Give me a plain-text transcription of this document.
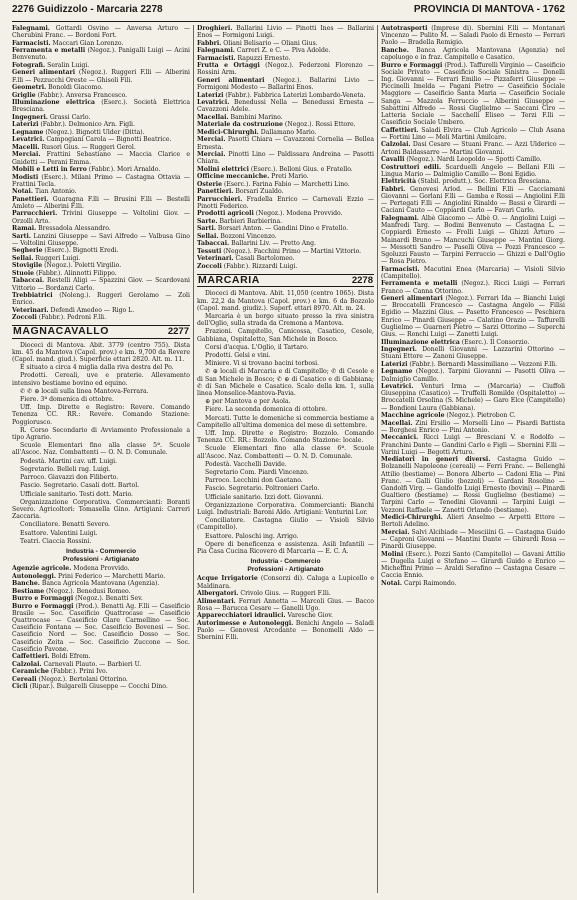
2276 Guidizzolo - Marcaria 2278	PROVINCIA DI MANTOVA - 1762
Falegnami. Gottardi Osvino — Anversa Arturo — Cherubini Franc. — Bordoni Fort.
Farmacisti. Maccari Gian Lorenzo.
Ferramenta e metalli (Negoz.). Panigalli Luigi — Acini Benvenuto.
Fotografi. Seralin Luigi.
Generi alimentari (Negoz.). Ruggeri F.lli — Alberini F.lli — Pezzucchi Oreste — Ghisoli Fili.
Geometri. Bonoldi Giacomo.
Griglie (Fabbr.). Anversa Francesco.
Illuminazione elettrica (Eserc.). Società Elettrica Bresciana.
Ingegneri. Grassi Carlo.
Laterizi (Fabbr.). Delmonico Arn. Figli.
Legname (Negoz.). Bignotti Ulder (Ditta).
Levatrici. Campogiani Carola — Bignotti Beatrice.
Macelli. Rusori Gius. — Ruggeri Gerol.
Merciai. Frattini Sebastiano — Maccia Clarice e Gnidetti — Perani Emma.
Mobili e Letti in ferro (Fabbr.). Mori Arnaldo.
Modisti (Eserc.). Milani Primo — Castagna Ottavia — Frattini Tecla.
Notai. Tian Antonio.
Panettieri. Guaragna F.lli — Brusini F.lli — Bestelli Amleto — Alberini F.lli.
Parrucchieri. Trivini Giuseppe — Voltolini Giov. — Orzolli Arto.
Ramai. Bressadola Alessandro.
Sarti. Lanzini Giuseppe — Savi Alfredo — Valbusa Gino — Voltolini Giuseppe.
Segherie (Eserc.). Bignotti Eredi.
Sellai. Ruggeri Luigi.
Stovigile (Negoz.). Poletti Virgilio.
Stuoie (Fabbr.). Alinnotti Filippo.
Tabaccai. Restelli Aligi — Spazzini Giov. — Scardovani Vittorio — Bordanzi Carlo.
Trebbiatrici (Noleng.). Ruggeri Gerolamo — Zoli Enrico.
Veterinari. Defendi Amedeo — Rigo L.
Zoccoli (Fabbr.). Pedroni F.lli.
MAGNACAVALLO	2277
Dioceci di Mantova. Abit. 3779 (centro 755). Dista km. 45 da Mantova (Capol. prov.) e km. 9,700 da Revere (Capol. mand. giud.). Superficie ettari 2820. Alt. m. 11.
È situato a circa 4 miglia dalla riva destra del Po.
Prodotti. Cereali, uve e praterie. Allevamento intensivo bestiame bovino ed equino.
✆ ✆ ⊕ locali sulla linea Mantova-Ferrara.
Fiere. 3ª domenica di ottobre.
Uff. Imp. Dirette e Registro: Revere. Comando Tenenza CC. RR.: Revere. Comando Stazione: Poggiorusco.
R. Corso Secondario di Avviamento Professionale a tipo Agrario.
Scuole Elementari fino alla classe 5ª. Scuole all'Ascoc. Naz. Combattenti — O. N. D. Comunale.
Podestà. Martini cav. uff. Luigi.
Segretario. Belleli rag. Luigi.
Parroco. Giavazzi don Filiberto.
Fascio. Segretario. Casali dott. Bartol.
Ufficiale sanitario. Testi dott. Mario.
Organizzazione Corporativa. Commercianti: Boranti Severo. Agricoltori: Tomasella Gino. Artigiani: Carreri Zaccaria.
Conciliatore. Benatti Severo.
Esattore. Valentini Luigi.
Teatri. Ciaccia Rossini.
Industria - Commercio
Professioni - Artigianato
Agenzie agricole. Modena Provvido.
Autonoleggi. Prini Federico — Marchetti Mario.
Banche. Banca Agricola Mantovana (Agenzia).
Bestiame (Negoz.). Benedusi Romeo.
Burro e Formaggi (Negoz.). Benatti Sev.
Burro e Formaggi (Prod.). Benatti Ag. F.lli — Caseificio Brasile — Soc. Caseificio Quattrocase — Caseificio Quattrocase — Caseificio Glare Carmellino — Soc. Caseificio Fontana — Soc. Caseificio Bovenesi — Soc. Caseificio Nord — Soc. Caseificio Dosso — Soc. Caseificio Zeita — Soc. Caseificio Zuccone — Soc. Caseificio Pavone.
Caffettieri. Boldi Efrem.
Calzolai. Carnevali Plauto. — Barbieri U.
Ceramiche (Fabbr.). Prini Ivo.
Cereali (Negoz.). Bertolani Ottorino.
Cicli (Ripar.). Bulgarelli Giuseppe — Cocchi Dino.
Droghieri. Ballarini Livio — Pinotti Ines — Ballarini Enos — Formigoni Luigi.
Fabbri. Oliani Belisario — Oliani Gius.
Falegnami. Carreri Z. e C. — Piva Adolde.
Farmacisti. Rapuzzi Ernesto.
Frutta e Ortaggi (Negoz.). Federzoni Florenzo — Rossini Arm.
Generi alimentari (Negoz.). Ballarini Livio — Formigoni Modesto — Ballarini Enos.
Laterizi (Fabbr.). Fabbrica Laterizi Lombardo-Veneta.
Levatrici. Benedussi Nella — Benedussi Ernesta — Cavazzoni Adele.
Macellai. Bambini Marino.
Materiale da costruzione (Negoz.). Rossi Ettore.
Medici-Chirurghi. Dallamano Mario.
Merciai. Pasotti Chiara — Cavazzoni Cornelia — Bellea Ernesta.
Merciai. Pinotti Lino — Paldissara Andreina — Pasotti Chiara.
Molini elettrici (Eserc.). Belloni Gius. e Fratello.
Officine meccaniche. Preti Mario.
Osterie (Eserc.). Farina Fabio — Marchetti Lino.
Panettieri. Borsari Zualdo.
Parrucchieri. Fradella Enrico — Carnevali Ezzio — Pinotti Federico.
Prodotti agricoli (Negoz.). Modena Provvido.
Sarte. Barbieri Barbierina.
Sarti. Borsari Anton. — Gandini Dino e Fratello.
Sellai. Bozzoni Vincenzo.
Tabaccai. Ballarini Liv. — Pretto Ang.
Tessuti (Negoz.). Facchini Primo — Martini Vittorio.
Veterinari. Casali Bartolomeo.
Zoccoli (Fabbr.). Rizzardi Luigi.
MARCARIA	2278
Dioceci di Mantova. Abit. 11,050 (centro 1065). Dista km. 22,2 da Mantova (Capol. prov.) e km. 6 da Bozzolo (Capol. mand. giudiz.). Superf. ettari 8970. Alt. m. 24.
Marcaria è un borgo situato presso la riva sinistra dell'Oglio, sulla strada da Cremona a Mantova.
Frazioni. Campitello, Canicossa, Casatico, Cesole, Gabbiana, Ospitaletto, San Michele in Bosco.
Corsi d'acqua. L'Oglio, il Tartaro.
Prodotti. Gelsi e vini.
Miniere. Vi si trovano bacini torbosi.
✆ ⊕ locali di Marcaria e di Campitello; ✆ di Cesole e di San Michele in Bosco; ✆ ⊕ di Casatico e di Gabbiana; ✆ di San Michele e Casatico. Scalo della km. 1, sulla linea Monselice-Mantova-Pavia.
⊕ per Mantova e per Asola.
Fiere. La seconda domenica di ottobre.
Mercati. Tutte le domeniche si commercia bestiame a Campitello all'ultima domenica del mese di settembre.
Uff. Imp. Dirette e Registro: Bozzolo. Comando Tenenza CC. RR.: Bozzolo. Comando Stazione: locale.
Scuole Elementari fino alla classe 6ª. Scuole all'Ascoc. Naz. Combattenti — O. N. D. Comunale.
Podestà. Vacchelli Davide.
Segretario Com. Piardi Vincenzo.
Parroco. Lecchini don Gaetano.
Fascio. Segretario. Poltronieri Carlo.
Ufficiale sanitario. Izzi dott. Giovanni.
Organizzazione Corporativa. Commercianti: Bianchi Luigi. Industriali: Baroni Aldo. Artigiani: Venturini Lor.
Conciliatore. Castagna Giulio — Visioli Silvio (Campitello).
Esattore. Paloschi ing. Arrigo.
Opere di beneficenza e assistenza. Asili Infantili — Pia Casa Cucina Ricovero di Marcaria — E. C. A.
Industria - Commercio
Professioni - Artigianato
Acque Irrigatorie (Consorzi di). Caluga a Lupicello e Maldinara.
Albergatori. Crivolo Gius. — Ruggeri F.lli.
Alimentari. Ferrari Annetta — Marcoli Gius. — Bacco Rosa — Barucca Cesare — Ganelli Ugo.
Apparecchiatori idraulici. Varesche Giov.
Autorimesse e Autonoleggi. Benichi Angelo — Saladi Paolo — Genovesi Arcodante — Bonomelli Aldo — Sbernini F.lli.
Autotrasporti (Imprese di). Sbernini F.lli — Montanari Vincenzo — Pulito M. — Saladi Paolo di Ernesto — Ferrari Paolo — Bradella Remigio.
Banche. Banca Agricola Mantovana (Agenzia) nel capoluogo e in fraz. Campitello e Casatico.
Burro e Formaggi (Prod.). Taffurelli Virginio — Caseificio Sociale Privato — Caseificio Sociale Sinistra — Donelli Ing. Giovanni — Ferrari Emilio — Pizzaferri Giuseppe — Piccinelli Imelda — Pagani Pietro — Caseificio Sociale Maggiore — Caseificio Santa Maria — Caseificio Sociale Sanga — Mazzola Ferruccio — Alberini Giuseppe — Sabattini Alfredo — Rossi Guglielmo — Saccani Ciro — Latteria Sociale — Sacchelli Eliseo — Terzi F.lli — Caseificio Sociale Umbero.
Caffettieri. Saladi Elvira — Club Agricolo — Club Asana — Fortini Lino — Meli Martini Amilcare.
Calzolai. Dasi Cesare — Stuani Franc. — Azzi Ulderico — Artoni Baldassarre — Martini Giovanni.
Cavalli (Negoz.). Nardi Leopoldo — Spotti Camillo.
Costruttori edili. Scarduelli Angelo — Bellani F.lli — Lingua Mario — Dalmiglio Camillo — Boni Egidio.
Elettricità (Stabil. produtt.). Soc. Elettrica Bresciana.
Fabbri. Genovesi Arlod. — Bellini F.lli — Cacciamani Giovanni — Gorlani F.lli — Gamba e Rossi — Angiolini F.lli — Pertegati F.lli — Angiolini Rinaldo — Bassi e Girardi — Caciani Cauto — Coppiardi Carlo — Favari Carlo.
Falegnami. Albè Giacomo — Albè O. — Angiolini Luigi — Manfredi Targ. — Bodini Benvenuto — Castagna L. — Coppiardi Ernesto — Frolli Luigi — Ghizzi Arturo — Mainardi Bruno — Mancuchi Giuseppe — Mantini Giorg. — Messotti Sandro — Paselli Oliva — Pozzi Francesco — Sgoluzzi Fausto — Tarpini Ferruccio — Ghizzi e Dall'Oglio — Rosa Pietro.
Farmacisti. Macutini Enea (Marcaria) — Visioli Silvio (Campitello).
Ferramenta e metalli (Negoz.). Ricci Luigi — Ferrari Franco — Canna Ottorino.
Generi alimentari (Negoz.). Ferrari Ida — Bianchi Luigi — Broccatelli Francesco — Castagna Angelo — Filisi Egidio — Mazzini Gius. — Pasetto Francesco — Peschiera Enrico — Pinardi Giuseppe — Calatino Orazio — Taffurelli Guglielmo — Guarneri Pietro — Sarzi Ottorino — Superchi Gius. — Ronchi Luigi — Zanetti Luigi.
Illuminazione elettrica (Eserc.). Il Consorzio.
Ingegneri. Donelli Giovanni — Lazzarini Ottorino — Stuani Ettore — Zanoni Giuseppe.
Laterizi (Fabbr.). Bernardi Massimiliano — Vezzoni F.lli.
Legname (Negoz.). Tarpini Giovanni — Pasotti Oliva — Dalmiglio Camillo.
Levatrici. Venturi Irma — (Marcaria) — Ciuffoli Giuseppina (Casatico) — Truffelli Romilde (Ospitaletto) — Broccatelli Orsolina (S. Michele) — Garo Elce (Campitello) — Bondioni Laura (Gabbiana).
Macchine agricole (Negoz.). Pietrobon C.
Macellai. Zini Ersilio — Morselli Lino — Pisardi Battista — Borghesi Enrico — Pini Antonio.
Meccanici. Ricci Luigi — Bresciani V. e Rodolfo — Franchini Dante — Gandini Carlo e Figli — Sbernini F.lli — Varini Luigi — Begotti Arturo.
Mediatori in generi diversi. Castagna Guido — Bolzanelli Napoleone (cereali) — Ferri Franc. — Bellenghi Attilio (bestiame) — Bonora Alberto — Cadoni Elia — Pini Franc. — Galli Giulio (bozzoli) — Gardani Rosolino — Gandolfi Virg. — Gandolfo Luigi Ernesto (bovini) — Pinardi Gualtiero (bestiame) — Rossi Guglielmo (bestiame) — Tarpini Carlo — Tenedini Giovanni — Tarpini Luigi — Vezzoni Raffaele — Zanetti Orlando (bestiame).
Medici-Chirurghi. Alieri Anselmo — Arpetti Ettore — Bertoli Adelino.
Merciai. Salvi Alcibiade — Mesciiini G. — Castagna Guido — Caproni Giovanni — Mantini Dante — Ghirardi Rosa — Pinardi Giuseppe.
Molini (Eserc.). Pozzi Santo (Campitello) — Gavani Attilio — Dugella Luigi e Stefano — Girardi Guido e Enrico — Micheffini Primo — Araldi Serafino — Castagna Cesare — Caccia Ennio.
Notai. Carpi Raimondo.
